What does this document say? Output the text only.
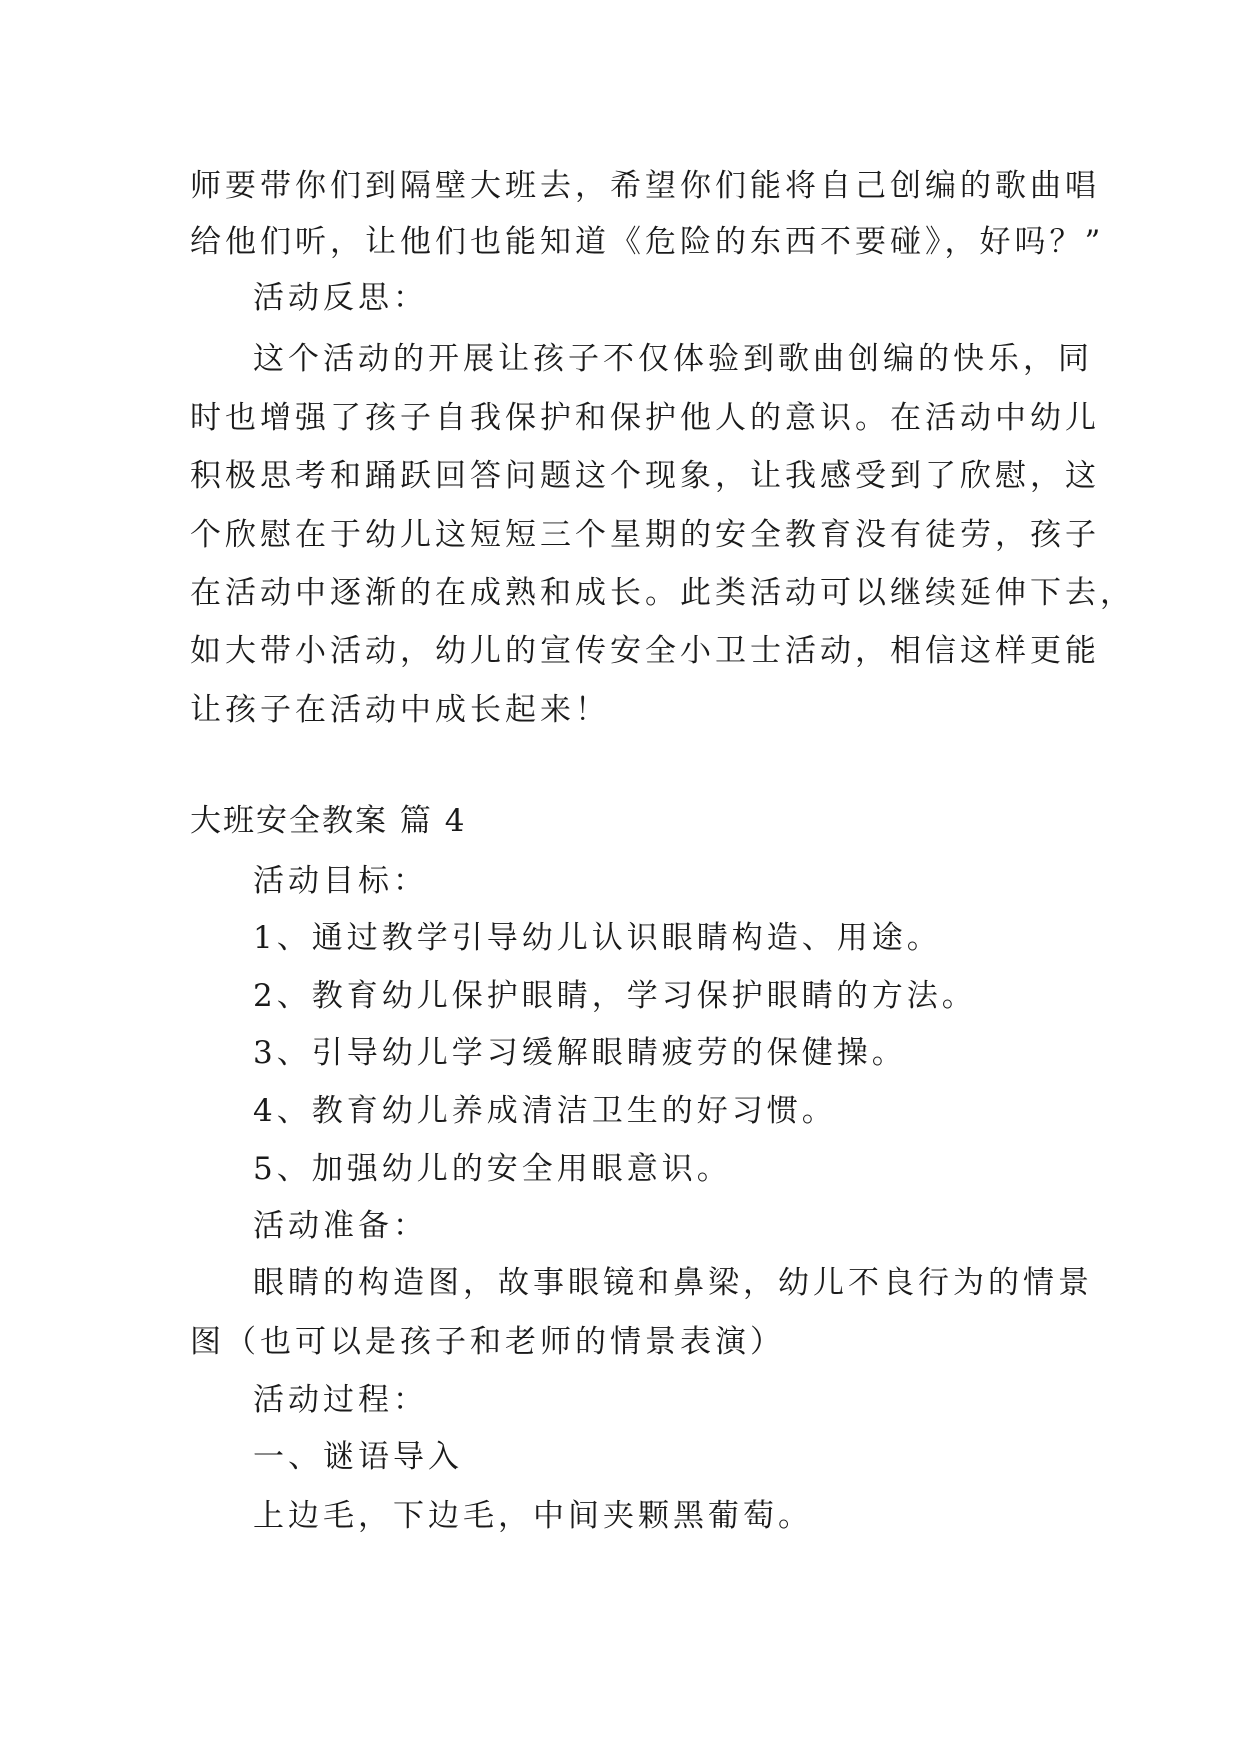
师要带你们到隔壁大班去，希望你们能将自己创编的歌曲唱
给他们听，让他们也能知道《危险的东西不要碰》，好吗？”
活动反思：
这个活动的开展让孩子不仅体验到歌曲创编的快乐，同
时也增强了孩子自我保护和保护他人的意识。在活动中幼儿
积极思考和踊跃回答问题这个现象，让我感受到了欣慰，这
个欣慰在于幼儿这短短三个星期的安全教育没有徒劳，孩子
在活动中逐渐的在成熟和成长。此类活动可以继续延伸下去，
如大带小活动，幼儿的宣传安全小卫士活动，相信这样更能
让孩子在活动中成长起来！
大班安全教案 篇 4
活动目标：
1、通过教学引导幼儿认识眼睛构造、用途。
2、教育幼儿保护眼睛，学习保护眼睛的方法。
3、引导幼儿学习缓解眼睛疲劳的保健操。
4、教育幼儿养成清洁卫生的好习惯。
5、加强幼儿的安全用眼意识。
活动准备：
眼睛的构造图，故事眼镜和鼻梁，幼儿不良行为的情景
图（也可以是孩子和老师的情景表演）
活动过程：
一、谜语导入
上边毛，下边毛，中间夹颗黑葡萄。
